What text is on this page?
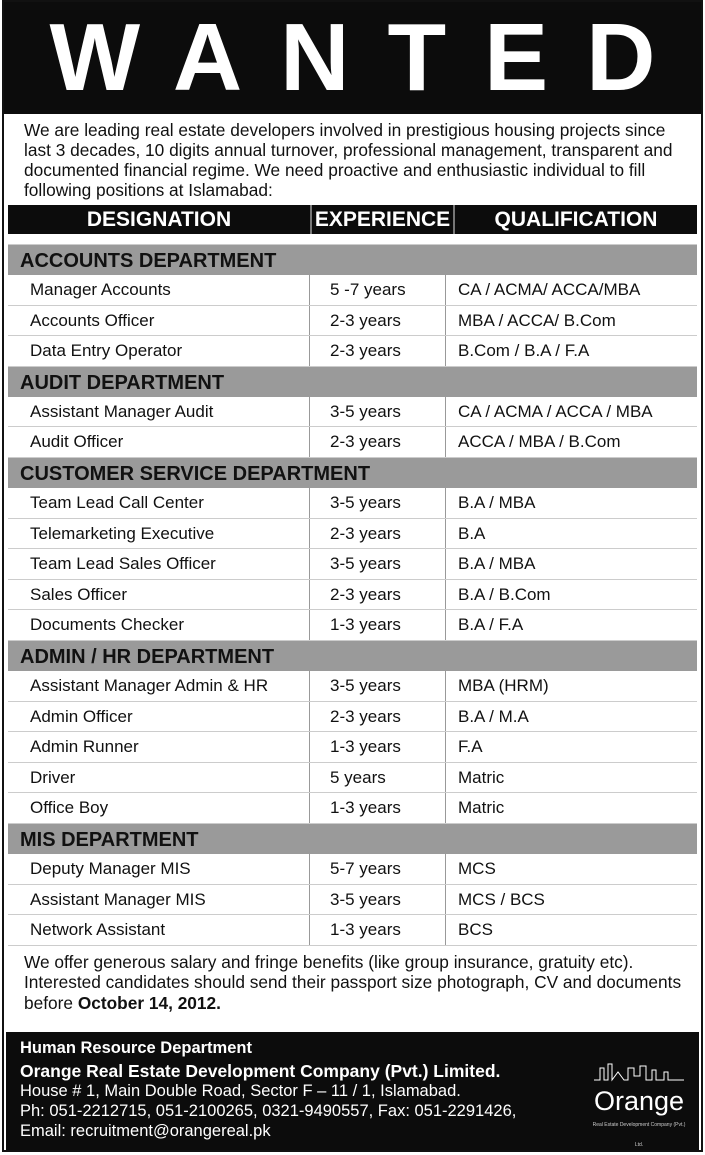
WANTED
We are leading real estate developers involved in prestigious housing projects since last 3 decades, 10 digits annual turnover, professional management, transparent and documented financial regime. We need proactive and enthusiastic individual to fill following positions at Islamabad:
DESIGNATION	EXPERIENCE	QUALIFICATION
ACCOUNTS DEPARTMENT
Manager Accounts	5 -7 years	CA / ACMA/ ACCA/MBA
Accounts Officer	2-3 years	MBA / ACCA/ B.Com
Data Entry Operator	2-3 years	B.Com / B.A / F.A
AUDIT DEPARTMENT
Assistant Manager Audit	3-5 years	CA / ACMA / ACCA / MBA
Audit Officer	2-3 years	ACCA / MBA / B.Com
CUSTOMER SERVICE DEPARTMENT
Team Lead Call Center	3-5 years	B.A / MBA
Telemarketing Executive	2-3 years	B.A
Team Lead Sales Officer	3-5 years	B.A / MBA
Sales Officer	2-3 years	B.A / B.Com
Documents Checker	1-3 years	B.A / F.A
ADMIN / HR DEPARTMENT
Assistant Manager Admin & HR	3-5 years	MBA (HRM)
Admin Officer	2-3 years	B.A / M.A
Admin Runner	1-3 years	F.A
Driver	5 years	Matric
Office Boy	1-3 years	Matric
MIS DEPARTMENT
Deputy Manager MIS	5-7 years	MCS
Assistant Manager MIS	3-5 years	MCS / BCS
Network Assistant	1-3 years	BCS
We offer generous salary and fringe benefits (like group insurance, gratuity etc). Interested candidates should send their passport size photograph, CV and documents before October 14, 2012.
Human Resource Department
Orange Real Estate Development Company (Pvt.) Limited.
House # 1, Main Double Road, Sector F – 11 / 1, Islamabad.
Ph: 051-2212715, 051-2100265, 0321-9490557, Fax: 051-2291426,
Email: recruitment@orangereal.pk
Orange
Real Estate Development Company (Pvt.) Ltd.
